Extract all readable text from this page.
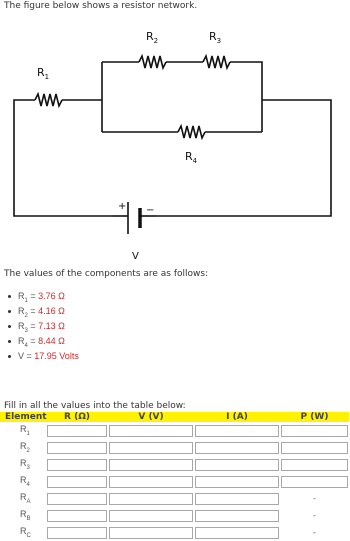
The figure below shows a resistor network.
$R_1$
$R_2$	$R_3$
$R_4$
+ −
V
The values of the components are as follows:
$R_1 = 3.76$ Ω
$R_2 = 4.16$ Ω
$R_3 = 7.13$ Ω
$R_4 = 8.44$ Ω
V = 17.95 Volts
Fill in all the values into the table below:
Element	R (Ω)	V (V)	I (A)	P (W)
$R_1$	

$R_2$	

$R_3$	

$R_4$	

$R_A$				-

$R_B$				-

$R_C$				-
